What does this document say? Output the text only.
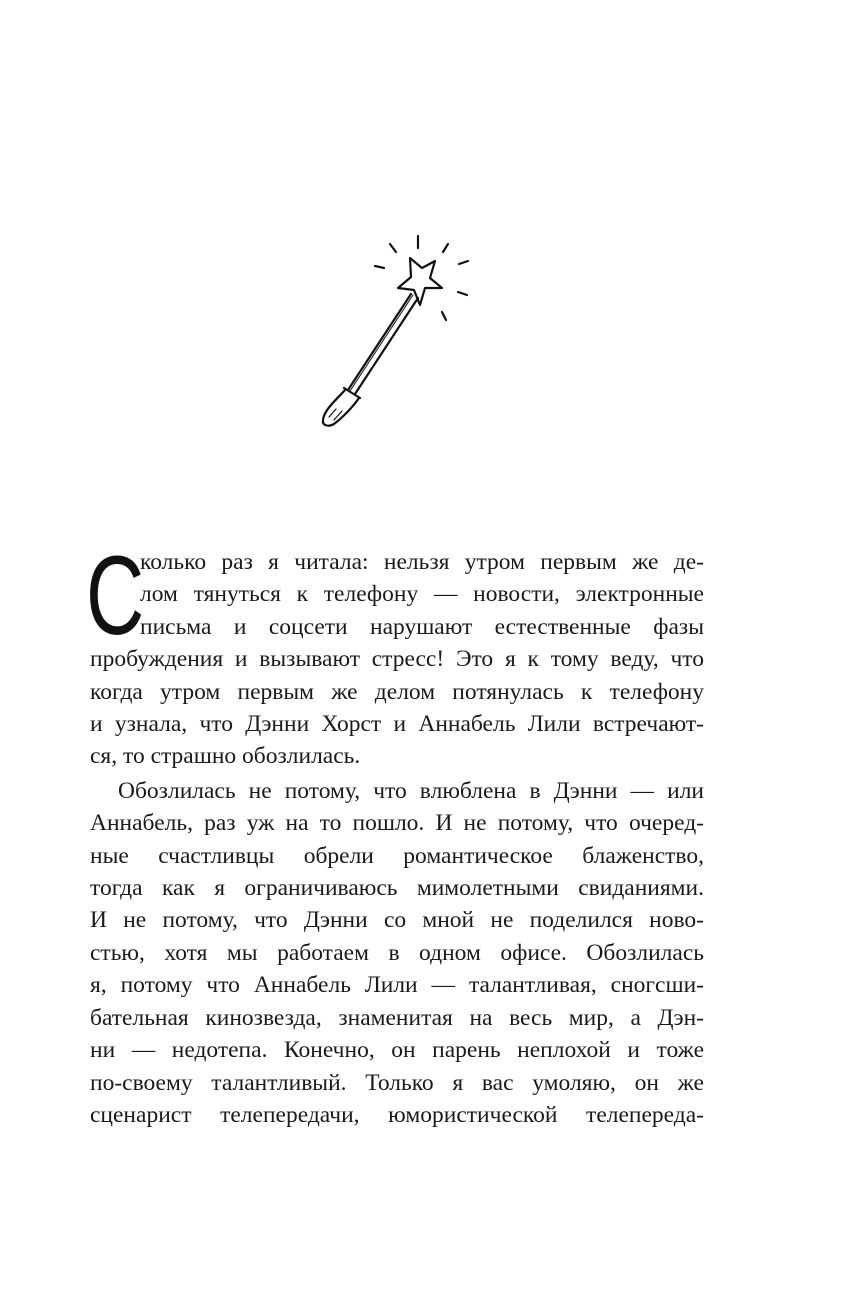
С
колько раз я читала: нельзя утром первым же де-
лом тянуться к телефону — новости, электронные
письма и соцсети нарушают естественные фазы
пробуждения и вызывают стресс! Это я к тому веду, что
когда утром первым же делом потянулась к телефону
и узнала, что Дэнни Хорст и Аннабель Лили встречают-
ся, то страшно обозлилась.
Обозлилась не потому, что влюблена в Дэнни — или
Аннабель, раз уж на то пошло. И не потому, что очеред-
ные счастливцы обрели романтическое блаженство,
тогда как я ограничиваюсь мимолетными свиданиями.
И не потому, что Дэнни со мной не поделился ново-
стью, хотя мы работаем в одном офисе. Обозлилась
я, потому что Аннабель Лили — талантливая, сногсши-
бательная кинозвезда, знаменитая на весь мир, а Дэн-
ни — недотепа. Конечно, он парень неплохой и тоже
по-своему талантливый. Только я вас умоляю, он же
сценарист телепередачи, юмористической телепереда-
